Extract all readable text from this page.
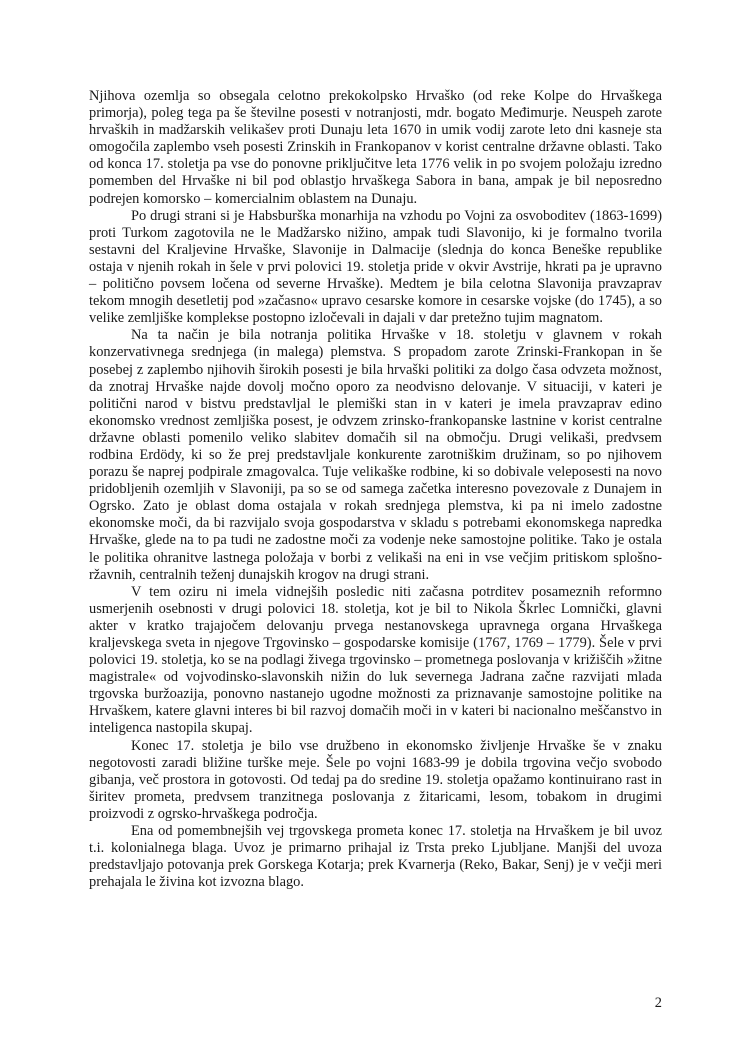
Njihova ozemlja so obsegala celotno prekokolpsko Hrvaško (od reke Kolpe do Hrvaškega primorja), poleg tega pa še številne posesti v notranjosti, mdr. bogato Međimurje. Neuspeh zarote hrvaških in madžarskih velikašev proti Dunaju leta 1670 in umik vodij zarote leto dni kasneje sta omogočila zaplembo vseh posesti Zrinskih in Frankopanov v korist centralne državne oblasti. Tako od konca 17. stoletja pa vse do ponovne priključitve leta 1776 velik in po svojem položaju izredno pomemben del Hrvaške ni bil pod oblastjo hrvaškega Sabora in bana, ampak je bil neposredno podrejen komorsko – komercialnim oblastem na Dunaju.

Po drugi strani si je Habsburška monarhija na vzhodu po Vojni za osvoboditev (1863-1699) proti Turkom zagotovila ne le Madžarsko nižino, ampak tudi Slavonijo, ki je formalno tvorila sestavni del Kraljevine Hrvaške, Slavonije in Dalmacije (slednja do konca Beneške republike ostaja v njenih rokah in šele v prvi polovici 19. stoletja pride v okvir Avstrije, hkrati pa je upravno – politično povsem ločena od severne Hrvaške). Medtem je bila celotna Slavonija pravzaprav tekom mnogih desetletij pod »začasno« upravo cesarske komore in cesarske vojske (do 1745), a so velike zemljiške komplekse postopno izločevali in dajali v dar pretežno tujim magnatom.

Na ta način je bila notranja politika Hrvaške v 18. stoletju v glavnem v rokah konzervativnega srednjega (in malega) plemstva. S propadom zarote Zrinski-Frankopan in še posebej z zaplembo njihovih širokih posesti je bila hrvaški politiki za dolgo časa odvzeta možnost, da znotraj Hrvaške najde dovolj močno oporo za neodvisno delovanje. V situaciji, v kateri je politični narod v bistvu predstavljal le plemiški stan in v kateri je imela pravzaprav edino ekonomsko vrednost zemljiška posest, je odvzem zrinsko-frankopanske lastnine v korist centralne državne oblasti pomenilo veliko slabitev domačih sil na območju. Drugi velikaši, predvsem rodbina Erdödy, ki so že prej predstavljale konkurente zarotniškim družinam, so po njihovem porazu še naprej podpirale zmagovalca. Tuje velikaške rodbine, ki so dobivale veleposesti na novo pridobljenih ozemljih v Slavoniji, pa so se od samega začetka interesno povezovale z Dunajem in Ogrsko. Zato je oblast doma ostajala v rokah srednjega plemstva, ki pa ni imelo zadostne ekonomske moči, da bi razvijalo svoja gospodarstva v skladu s potrebami ekonomskega napredka Hrvaške, glede na to pa tudi ne zadostne moči za vodenje neke samostojne politike. Tako je ostala le politika ohranitve lastnega položaja v borbi z velikaši na eni in vse večjim pritiskom splošno-ržavnih, centralnih teženj dunajskih krogov na drugi strani.

V tem oziru ni imela vidnejših posledic niti začasna potrditev posameznih reformno usmerjenih osebnosti v drugi polovici 18. stoletja, kot je bil to Nikola Škrlec Lomnički, glavni akter v kratko trajajočem delovanju prvega nestanovskega upravnega organa Hrvaškega kraljevskega sveta in njegove Trgovinsko – gospodarske komisije (1767, 1769 – 1779). Šele v prvi polovici 19. stoletja, ko se na podlagi živega trgovinsko – prometnega poslovanja v križiščih »žitne magistrale« od vojvodinsko-slavonskih nižin do luk severnega Jadrana začne razvijati mlada trgovska buržoazija, ponovno nastanejo ugodne možnosti za priznavanje samostojne politike na Hrvaškem, katere glavni interes bi bil razvoj domačih moči in v kateri bi nacionalno meščanstvo in inteligenca nastopila skupaj.

Konec 17. stoletja je bilo vse družbeno in ekonomsko življenje Hrvaške še v znaku negotovosti zaradi bližine turške meje. Šele po vojni 1683-99 je dobila trgovina večjo svobodo gibanja, več prostora in gotovosti. Od tedaj pa do sredine 19. stoletja opažamo kontinuirano rast in širitev prometa, predvsem tranzitnega poslovanja z žitaricami, lesom, tobakom in drugimi proizvodi z ogrsko-hrvaškega področja.

Ena od pomembnejših vej trgovskega prometa konec 17. stoletja na Hrvaškem je bil uvoz t.i. kolonialnega blaga. Uvoz je primarno prihajal iz Trsta preko Ljubljane. Manjši del uvoza predstavljajo potovanja prek Gorskega Kotarja; prek Kvarnerja (Reko, Bakar, Senj) je v večji meri prehajala le živina kot izvozna blago.

2
